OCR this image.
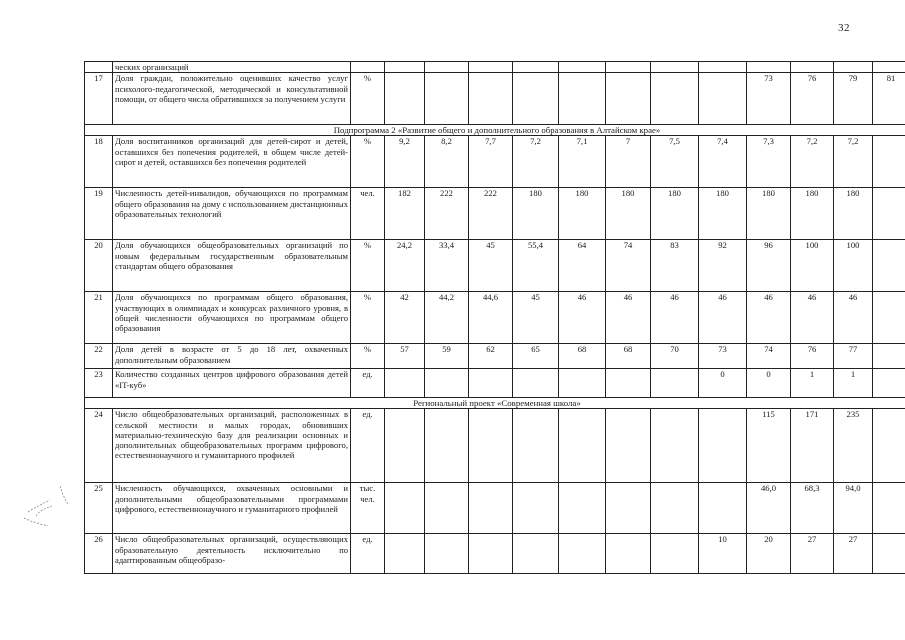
32
	ческих организаций													
17	Доля граждан, положительно оценивших качество услуг психолого-педагогической, методической и консультативной помощи, от общего числа обратившихся за получением услуги	%									73	76	79	81
Подпрограмма 2 «Развитие общего и дополнительного образования в Алтайском крае»														
18	Доля воспитанников организаций для детей-сирот и детей, оставшихся без попечения родителей, в общем числе детей-сирот и детей, оставшихся без попечения родителей	%	9,2	8,2	7,7	7,2	7,1	7	7,5	7,4	7,3	7,2	7,2	
19	Численность детей-инвалидов, обучающихся по программам общего образования на дому с использованием дистанционных образовательных технологий	чел.	182	222	222	180	180	180	180	180	180	180	180	
20	Доля обучающихся общеобразовательных организаций по новым федеральным государственным образовательным стандартам общего образования	%	24,2	33,4	45	55,4	64	74	83	92	96	100	100	
21	Доля обучающихся по программам общего образования, участвующих в олимпиадах и конкурсах различного уровня, в общей численности обучающихся по программам общего образования	%	42	44,2	44,6	45	46	46	46	46	46	46	46	
22	Доля детей в возрасте от 5 до 18 лет, охваченных дополнительным образованием	%	57	59	62	65	68	68	70	73	74	76	77	
23	Количество созданных центров цифрового образования детей «IT-куб»	ед.								0	0	1	1	
Региональный проект «Современная школа»														
24	Число общеобразовательных организаций, расположенных в сельской местности и малых городах, обновивших материально-техническую базу для реализации основных и дополнительных общеобразовательных программ цифрового, естественнонаучного и гуманитарного профилей	ед.									115	171	235	
25	Численность обучающихся, охваченных основными и дополнительными общеобразовательными программами цифрового, естественнонаучного и гуманитарного профилей	тыс. чел.									46,0	68,3	94,0	
26	Число общеобразовательных организаций, осуществляющих образовательную деятельность исключительно по адаптированным общеобразо-	ед.								10	20	27	27	
